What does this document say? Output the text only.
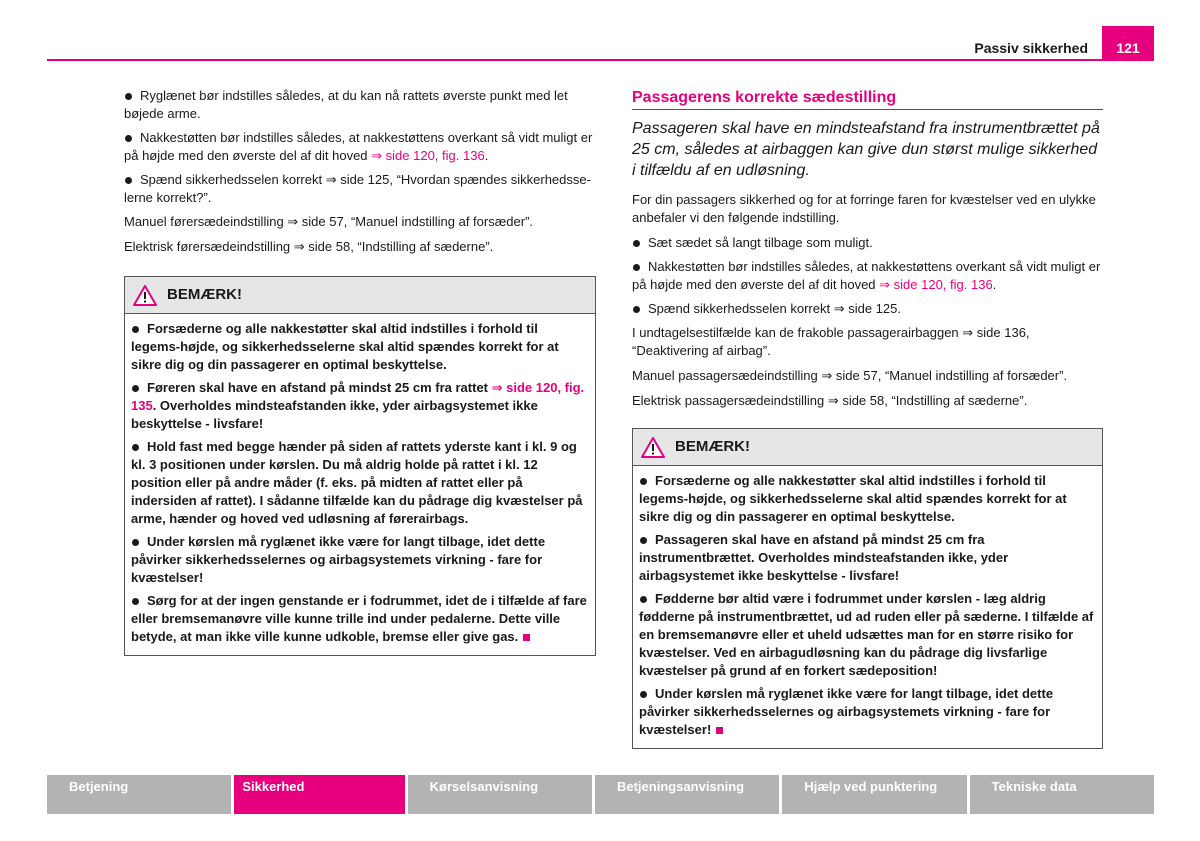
Passiv sikkerhed	121
Ryglænet bør indstilles således, at du kan nå rattets øverste punkt med let bøjede arme.
Nakkestøtten bør indstilles således, at nakkestøttens overkant så vidt muligt er på højde med den øverste del af dit hoved ⇒ side 120, fig. 136.
Spænd sikkerhedsselen korrekt ⇒ side 125, “Hvordan spændes sikkerhedsse-lerne korrekt?”.

Manuel førersædeindstilling ⇒ side 57, “Manuel indstilling af forsæder”.

Elektrisk førersædeindstilling ⇒ side 58, “Indstilling af sæderne”.

BEMÆRK!
Forsæderne og alle nakkestøtter skal altid indstilles i forhold til legems-højde, og sikkerhedsselerne skal altid spændes korrekt for at sikre dig og din passagerer en optimal beskyttelse.
Føreren skal have en afstand på mindst 25 cm fra rattet ⇒ side 120, fig. 135. Overholdes mindsteafstanden ikke, yder airbagsystemet ikke beskyttelse - livsfare!
Hold fast med begge hænder på siden af rattets yderste kant i kl. 9 og kl. 3 positionen under kørslen. Du må aldrig holde på rattet i kl. 12 position eller på andre måder (f. eks. på midten af rattet eller på indersiden af rattet). I sådanne tilfælde kan du pådrage dig kvæstelser på arme, hænder og hoved ved udløsning af førerairbags.
Under kørslen må ryglænet ikke være for langt tilbage, idet dette påvirker sikkerhedsselernes og airbagsystemets virkning - fare for kvæstelser!
Sørg for at der ingen genstande er i fodrummet, idet de i tilfælde af fare eller bremsemanøvre ville kunne trille ind under pedalerne. Dette ville betyde, at man ikke ville kunne udkoble, bremse eller give gas.
Passagerens korrekte sædestilling

Passageren skal have en mindsteafstand fra instrumentbrættet på 25 cm, således at airbaggen kan give dun størst mulige sikkerhed i tilfældu af en udløsning.

For din passagers sikkerhed og for at forringe faren for kvæstelser ved en ulykke anbefaler vi den følgende indstilling.

Sæt sædet så langt tilbage som muligt.
Nakkestøtten bør indstilles således, at nakkestøttens overkant så vidt muligt er på højde med den øverste del af dit hoved ⇒ side 120, fig. 136.
Spænd sikkerhedsselen korrekt ⇒ side 125.

I undtagelsestilfælde kan de frakoble passagerairbaggen ⇒ side 136, “Deaktivering af airbag”.

Manuel passagersædeindstilling ⇒ side 57, “Manuel indstilling af forsæder”.

Elektrisk passagersædeindstilling ⇒ side 58, “Indstilling af sæderne”.

BEMÆRK!
Forsæderne og alle nakkestøtter skal altid indstilles i forhold til legems-højde, og sikkerhedsselerne skal altid spændes korrekt for at sikre dig og din passagerer en optimal beskyttelse.
Passageren skal have en afstand på mindst 25 cm fra instrumentbrættet. Overholdes mindsteafstanden ikke, yder airbagsystemet ikke beskyttelse - livsfare!
Fødderne bør altid være i fodrummet under kørslen - læg aldrig fødderne på instrumentbrættet, ud ad ruden eller på sæderne. I tilfælde af en bremsemanøvre eller et uheld udsættes man for en større risiko for kvæstelser. Ved en airbagudløsning kan du pådrage dig livsfarlige kvæstelser på grund af en forkert sædeposition!
Under kørslen må ryglænet ikke være for langt tilbage, idet dette påvirker sikkerhedsselernes og airbagsystemets virkning - fare for kvæstelser!
Betjening	Sikkerhed	Kørselsanvisning	Betjeningsanvisning	Hjælp ved punktering	Tekniske data
